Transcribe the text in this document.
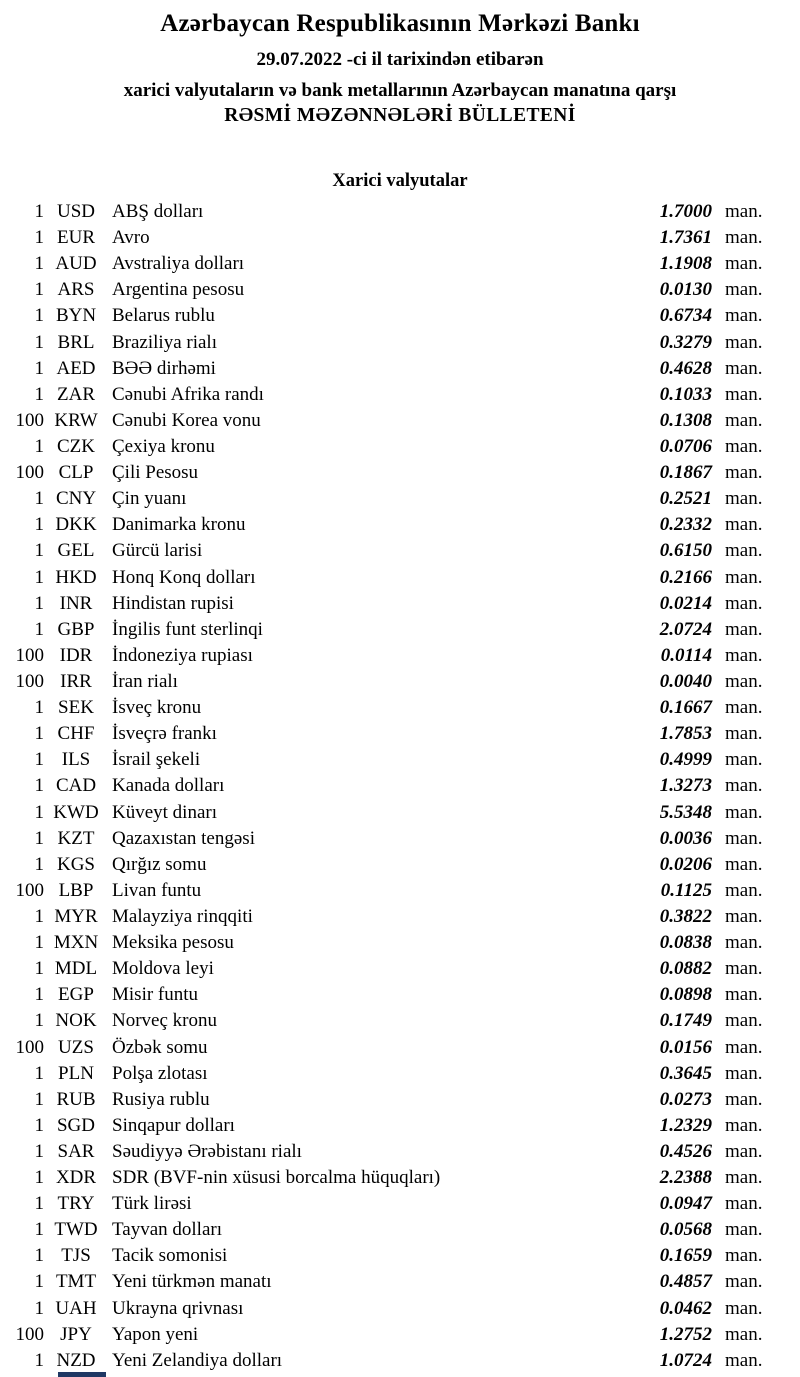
Azərbaycan Respublikasının Mərkəzi Bankı
29.07.2022 -ci il tarixindən etibarən
xarici valyutaların və bank metallarının Azərbaycan manatına qarşı
RƏSMİ MƏZƏNNƏLƏRİ BÜLLETENİ
Xarici valyutalar
1 USD ABŞ dolları	1.7000 man.
1 EUR Avro	1.7361 man.
1 AUD Avstraliya dolları	1.1908 man.
1 ARS Argentina pesosu	0.0130 man.
1 BYN Belarus rublu	0.6734 man.
1 BRL Braziliya rialı	0.3279 man.
1 AED BƏƏ dirhəmi	0.4628 man.
1 ZAR Cənubi Afrika randı	0.1033 man.
100 KRW Cənubi Korea vonu	0.1308 man.
1 CZK Çexiya kronu	0.0706 man.
100 CLP Çili Pesosu	0.1867 man.
1 CNY Çin yuanı	0.2521 man.
1 DKK Danimarka kronu	0.2332 man.
1 GEL Gürcü larisi	0.6150 man.
1 HKD Honq Konq dolları	0.2166 man.
1 INR	Hindistan rupisi	0.0214 man.
1 GBP İngilis funt sterlinqi	2.0724 man.
100 IDR	İndoneziya rupiası	0.0114 man.
100 IRR	İran rialı	0.0040 man.
1 SEK İsveç kronu	0.1667 man.
1 CHF İsveçrə frankı	1.7853 man.
1 ILS	İsrail şekeli	0.4999 man.
1 CAD Kanada dolları	1.3273 man.
1 KWD Küveyt dinarı	5.5348 man.
1 KZT Qazaxıstan tengəsi	0.0036 man.
1 KGS Qırğız somu	0.0206 man.
100 LBP Livan funtu	0.1125 man.
1 MYR Malayziya rinqqiti	0.3822 man.
1 MXN Meksika pesosu	0.0838 man.
1 MDL Moldova leyi	0.0882 man.
1 EGP Misir funtu	0.0898 man.
1 NOK Norveç kronu	0.1749 man.
100 UZS Özbək somu	0.0156 man.
1 PLN Polşa zlotası	0.3645 man.
1 RUB Rusiya rublu	0.0273 man.
1 SGD Sinqapur dolları	1.2329 man.
1 SAR Səudiyyə Ərəbistanı rialı	0.4526 man.
1 XDR SDR (BVF-nin xüsusi borcalma hüquqları)	2.2388 man.
1 TRY Türk lirəsi	0.0947 man.
1 TWD Tayvan dolları	0.0568 man.
1 TJS	Tacik somonisi	0.1659 man.
1 TMT Yeni türkmən manatı	0.4857 man.
1 UAH Ukrayna qrivnası	0.0462 man.
100 JPY	Yapon yeni	1.2752 man.
1 NZD Yeni Zelandiya dolları	1.0724 man.
